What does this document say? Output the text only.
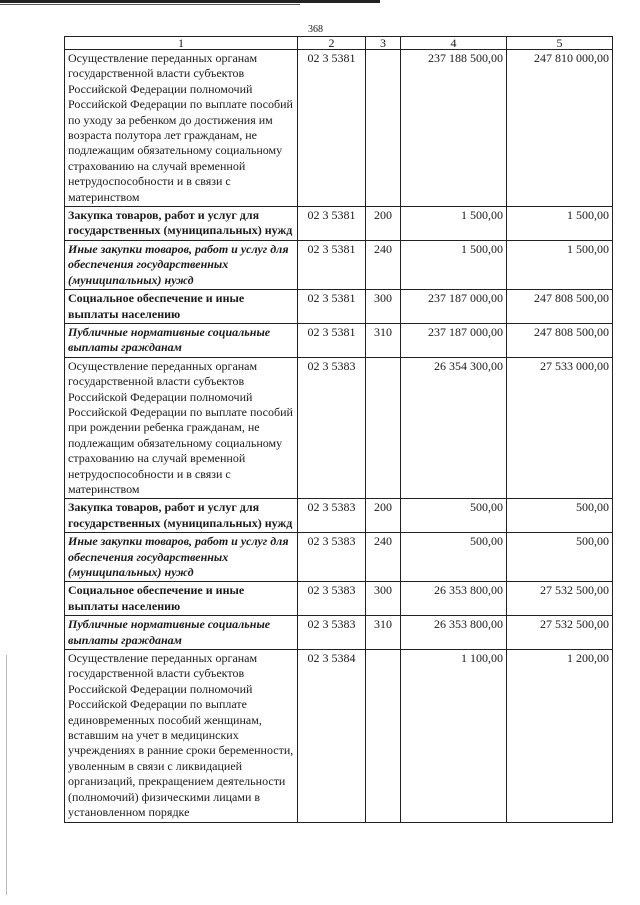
368
1	2	3	4	5
Осуществление переданных органам государственной власти субъектов Российской Федерации полномочий Российской Федерации по выплате пособий по уходу за ребенком до достижения им возраста полутора лет гражданам, не подлежащим обязательному социальному страхованию на случай временной нетрудоспособности и в связи с материнством	02 3 5381		237 188 500,00	247 810 000,00
Закупка товаров, работ и услуг для государственных (муниципальных) нужд	02 3 5381	200	1 500,00	1 500,00
Иные закупки товаров, работ и услуг для обеспечения государственных (муниципальных) нужд	02 3 5381	240	1 500,00	1 500,00
Социальное обеспечение и иные выплаты населению	02 3 5381	300	237 187 000,00	247 808 500,00
Публичные нормативные социальные выплаты гражданам	02 3 5381	310	237 187 000,00	247 808 500,00
Осуществление переданных органам государственной власти субъектов Российской Федерации полномочий Российской Федерации по выплате пособий при рождении ребенка гражданам, не подлежащим обязательному социальному страхованию на случай временной нетрудоспособности и в связи с материнством	02 3 5383		26 354 300,00	27 533 000,00
Закупка товаров, работ и услуг для государственных (муниципальных) нужд	02 3 5383	200	500,00	500,00
Иные закупки товаров, работ и услуг для обеспечения государственных (муниципальных) нужд	02 3 5383	240	500,00	500,00
Социальное обеспечение и иные выплаты населению	02 3 5383	300	26 353 800,00	27 532 500,00
Публичные нормативные социальные выплаты гражданам	02 3 5383	310	26 353 800,00	27 532 500,00
Осуществление переданных органам государственной власти субъектов Российской Федерации полномочий Российской Федерации по выплате единовременных пособий женщинам, вставшим на учет в медицинских учреждениях в ранние сроки беременности, уволенным в связи с ликвидацией организаций, прекращением деятельности (полномочий) физическими лицами в установленном порядке	02 3 5384		1 100,00	1 200,00
